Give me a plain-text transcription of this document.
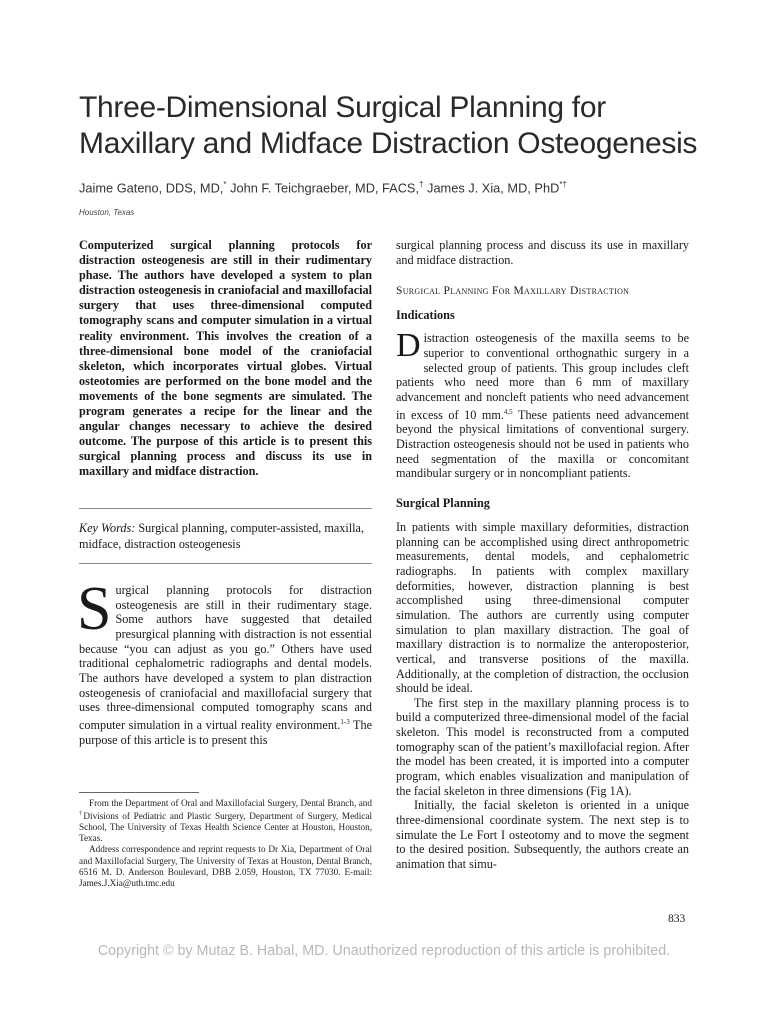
Three-Dimensional Surgical Planning for Maxillary and Midface Distraction Osteogenesis
Jaime Gateno, DDS, MD,* John F. Teichgraeber, MD, FACS,† James J. Xia, MD, PhD*†
Houston, Texas

Computerized surgical planning protocols for distraction osteogenesis are still in their rudimentary phase. The authors have developed a system to plan distraction osteogenesis in craniofacial and maxillofacial surgery that uses three-dimensional computed tomography scans and computer simulation in a virtual reality environment. This involves the creation of a three-dimensional bone model of the craniofacial skeleton, which incorporates virtual globes. Virtual osteotomies are performed on the bone model and the movements of the bone segments are simulated. The program generates a recipe for the linear and the angular changes necessary to achieve the desired outcome. The purpose of this article is to present this surgical planning process and discuss its use in maxillary and midface distraction.

Key Words: Surgical planning, computer-assisted, maxilla, midface, distraction osteogenesis

Surgical planning protocols for distraction osteogenesis are still in their rudimentary stage. Some authors have suggested that detailed presurgical planning with distraction is not essential because “you can adjust as you go.” Others have used traditional cephalometric radiographs and dental models. The authors have developed a system to plan distraction osteogenesis of craniofacial and maxillofacial surgery that uses three-dimensional computed tomography scans and computer simulation in a virtual reality environment.$^{1-3}$ The purpose of this article is to present this

From the Department of Oral and Maxillofacial Surgery, Dental Branch, and †Divisions of Pediatric and Plastic Surgery, Department of Surgery, Medical School, The University of Texas Health Science Center at Houston, Houston, Texas.

Address correspondence and reprint requests to Dr Xia, Department of Oral and Maxillofacial Surgery, The University of Texas at Houston, Dental Branch, 6516 M. D. Anderson Boulevard, DBB 2.059, Houston, TX 77030. E-mail: James.J.Xia@uth.tmc.edu

surgical planning process and discuss its use in maxillary and midface distraction.

Surgical Planning For Maxillary Distraction

Indications

Distraction osteogenesis of the maxilla seems to be superior to conventional orthognathic surgery in a selected group of patients. This group includes cleft patients who need more than 6 mm of maxillary advancement and noncleft patients who need advancement in excess of 10 mm.$^{4,5}$ These patients need advancement beyond the physical limitations of conventional surgery. Distraction osteogenesis should not be used in patients who need segmentation of the maxilla or concomitant mandibular surgery or in noncompliant patients.

Surgical Planning

In patients with simple maxillary deformities, distraction planning can be accomplished using direct anthropometric measurements, dental models, and cephalometric radiographs. In patients with complex maxillary deformities, however, distraction planning is best accomplished using three-dimensional computer simulation. The authors are currently using computer simulation to plan maxillary distraction. The goal of maxillary distraction is to normalize the anteroposterior, vertical, and transverse positions of the maxilla. Additionally, at the completion of distraction, the occlusion should be ideal.

The first step in the maxillary planning process is to build a computerized three-dimensional model of the facial skeleton. This model is reconstructed from a computed tomography scan of the patient’s maxillofacial region. After the model has been created, it is imported into a computer program, which enables visualization and manipulation of the facial skeleton in three dimensions (Fig 1A).

Initially, the facial skeleton is oriented in a unique three-dimensional coordinate system. The next step is to simulate the Le Fort I osteotomy and to move the segment to the desired position. Subsequently, the authors create an animation that simu-

833
Copyright © by Mutaz B. Habal, MD. Unauthorized reproduction of this article is prohibited.
